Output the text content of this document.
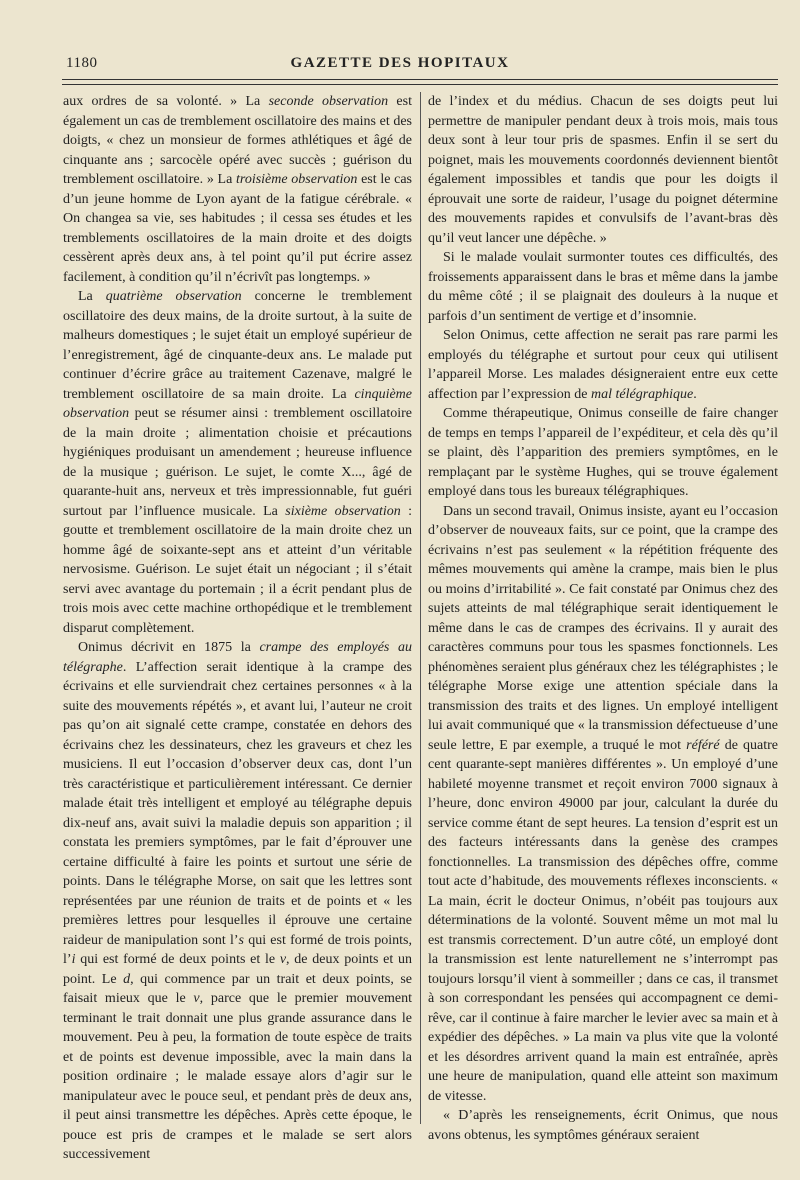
1180	GAZETTE DES HOPITAUX

aux ordres de sa volonté. » La seconde observation est également un cas de tremblement oscillatoire des mains et des doigts, « chez un monsieur de formes athlétiques et âgé de cinquante ans ; sarcocèle opéré avec succès ; guérison du tremblement oscillatoire. » La troisième observation est le cas d’un jeune homme de Lyon ayant de la fatigue cérébrale. « On changea sa vie, ses habitudes ; il cessa ses études et les tremblements oscillatoires de la main droite et des doigts cessèrent après deux ans, à tel point qu’il put écrire assez facilement, à condition qu’il n’écrivît pas longtemps. »

La quatrième observation concerne le tremblement oscillatoire des deux mains, de la droite surtout, à la suite de malheurs domestiques ; le sujet était un employé supérieur de l’enregistrement, âgé de cinquante-deux ans. Le malade put continuer d’écrire grâce au traitement Cazenave, malgré le tremblement oscillatoire de sa main droite. La cinquième observation peut se résumer ainsi : tremblement oscillatoire de la main droite ; alimentation choisie et précautions hygiéniques produisant un amendement ; heureuse influence de la musique ; guérison. Le sujet, le comte X..., âgé de quarante-huit ans, nerveux et très impressionnable, fut guéri surtout par l’influence musicale. La sixième observation : goutte et tremblement oscillatoire de la main droite chez un homme âgé de soixante-sept ans et atteint d’un véritable nervosisme. Guérison. Le sujet était un négociant ; il s’était servi avec avantage du portemain ; il a écrit pendant plus de trois mois avec cette machine orthopédique et le tremblement disparut complètement.

Onimus décrivit en 1875 la crampe des employés au télégraphe. L’affection serait identique à la crampe des écrivains et elle surviendrait chez certaines personnes « à la suite des mouvements répétés », et avant lui, l’auteur ne croit pas qu’on ait signalé cette crampe, constatée en dehors des écrivains chez les dessinateurs, chez les graveurs et chez les musiciens. Il eut l’occasion d’observer deux cas, dont l’un très caractéristique et particulièrement intéressant. Ce dernier malade était très intelligent et employé au télégraphe depuis dix-neuf ans, avait suivi la maladie depuis son apparition ; il constata les premiers symptômes, par le fait d’éprouver une certaine difficulté à faire les points et surtout une série de points. Dans le télégraphe Morse, on sait que les lettres sont représentées par une réunion de traits et de points et « les premières lettres pour lesquelles il éprouve une certaine raideur de manipulation sont l’s qui est formé de trois points, l’i qui est formé de deux points et le v, de deux points et un point. Le d, qui commence par un trait et deux points, se faisait mieux que le v, parce que le premier mouvement terminant le trait donnait une plus grande assurance dans le mouvement. Peu à peu, la formation de toute espèce de traits et de points est devenue impossible, avec la main dans la position ordinaire ; le malade essaye alors d’agir sur le manipulateur avec le pouce seul, et pendant près de deux ans, il peut ainsi transmettre les dépêches. Après cette époque, le pouce est pris de crampes et le malade se sert alors successivement

de l’index et du médius. Chacun de ses doigts peut lui permettre de manipuler pendant deux à trois mois, mais tous deux sont à leur tour pris de spasmes. Enfin il se sert du poignet, mais les mouvements coordonnés deviennent bientôt également impossibles et tandis que pour les doigts il éprouvait une sorte de raideur, l’usage du poignet détermine des mouvements rapides et convulsifs de l’avant-bras dès qu’il veut lancer une dépêche. »

Si le malade voulait surmonter toutes ces difficultés, des froissements apparaissent dans le bras et même dans la jambe du même côté ; il se plaignait des douleurs à la nuque et parfois d’un sentiment de vertige et d’insomnie.

Selon Onimus, cette affection ne serait pas rare parmi les employés du télégraphe et surtout pour ceux qui utilisent l’appareil Morse. Les malades désigneraient entre eux cette affection par l’expression de mal télégraphique.

Comme thérapeutique, Onimus conseille de faire changer de temps en temps l’appareil de l’expéditeur, et cela dès qu’il se plaint, dès l’apparition des premiers symptômes, en le remplaçant par le système Hughes, qui se trouve également employé dans tous les bureaux télégraphiques.

Dans un second travail, Onimus insiste, ayant eu l’occasion d’observer de nouveaux faits, sur ce point, que la crampe des écrivains n’est pas seulement « la répétition fréquente des mêmes mouvements qui amène la crampe, mais bien le plus ou moins d’irritabilité ». Ce fait constaté par Onimus chez des sujets atteints de mal télégraphique serait identiquement le même dans le cas de crampes des écrivains. Il y aurait des caractères communs pour tous les spasmes fonctionnels. Les phénomènes seraient plus généraux chez les télégraphistes ; le télégraphe Morse exige une attention spéciale dans la transmission des traits et des lignes. Un employé intelligent lui avait communiqué que « la transmission défectueuse d’une seule lettre, E par exemple, a truqué le mot référé de quatre cent quarante-sept manières différentes ». Un employé d’une habileté moyenne transmet et reçoit environ 7000 signaux à l’heure, donc environ 49000 par jour, calculant la durée du service comme étant de sept heures. La tension d’esprit est un des facteurs intéressants dans la genèse des crampes fonctionnelles. La transmission des dépêches offre, comme tout acte d’habitude, des mouvements réflexes inconscients. « La main, écrit le docteur Onimus, n’obéit pas toujours aux déterminations de la volonté. Souvent même un mot mal lu est transmis correctement. D’un autre côté, un employé dont la transmission est lente naturellement ne s’interrompt pas toujours lorsqu’il vient à sommeiller ; dans ce cas, il transmet à son correspondant les pensées qui accompagnent ce demi-rêve, car il continue à faire marcher le levier avec sa main et à expédier des dépêches. » La main va plus vite que la volonté et les désordres arrivent quand la main est entraînée, après une heure de manipulation, quand elle atteint son maximum de vitesse.

« D’après les renseignements, écrit Onimus, que nous avons obtenus, les symptômes généraux seraient
